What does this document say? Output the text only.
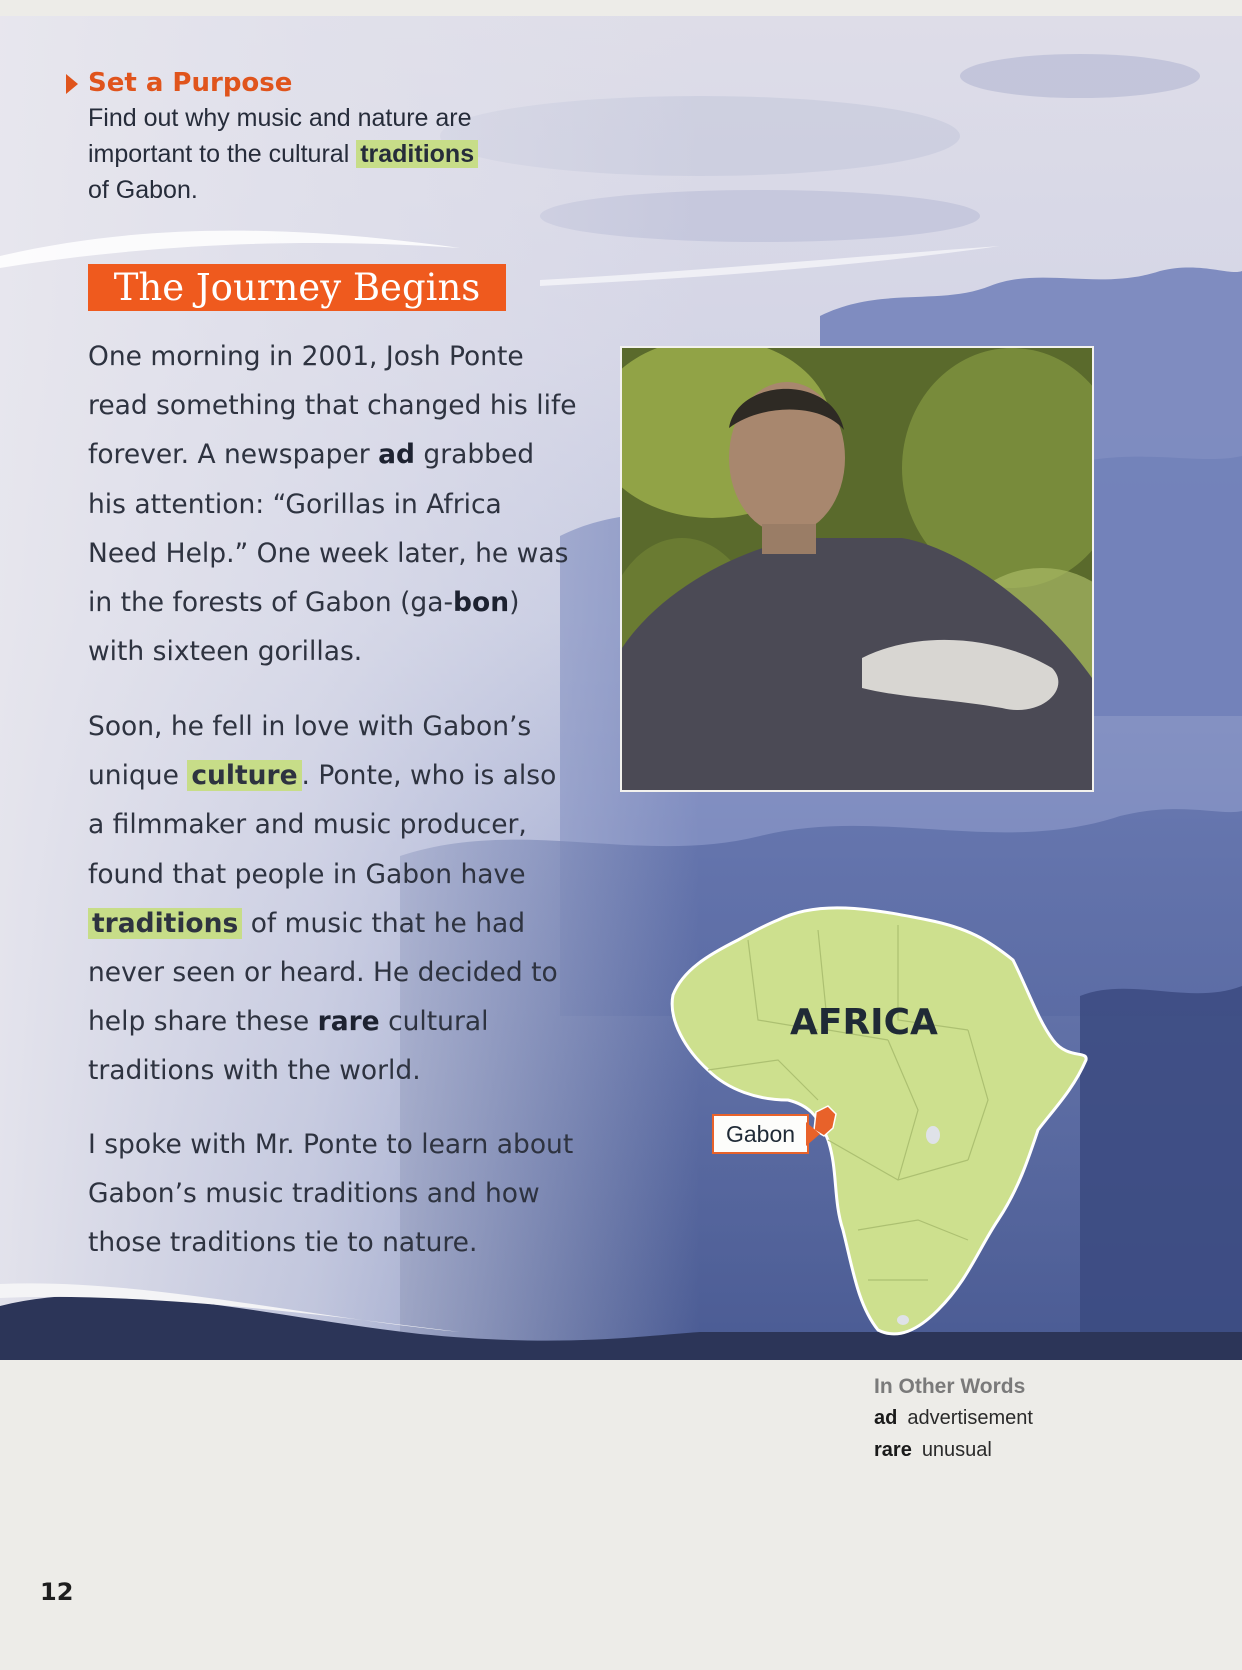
Set a Purpose
Find out why music and nature are important to the cultural traditions of Gabon.
The Journey Begins
One morning in 2001, Josh Ponte read something that changed his life forever. A newspaper ad grabbed his attention: “Gorillas in Africa Need Help.” One week later, he was in the forests of Gabon (ga-bon) with sixteen gorillas.
Soon, he fell in love with Gabon’s unique culture . Ponte, who is also a filmmaker and music producer, found that people in Gabon have traditions of music that he had never seen or heard. He decided to help share these rare cultural traditions with the world.
I spoke with Mr. Ponte to learn about Gabon’s music traditions and how those traditions tie to nature.
AFRICA
Gabon
In Other Words
ad advertisement
rare unusual
12
